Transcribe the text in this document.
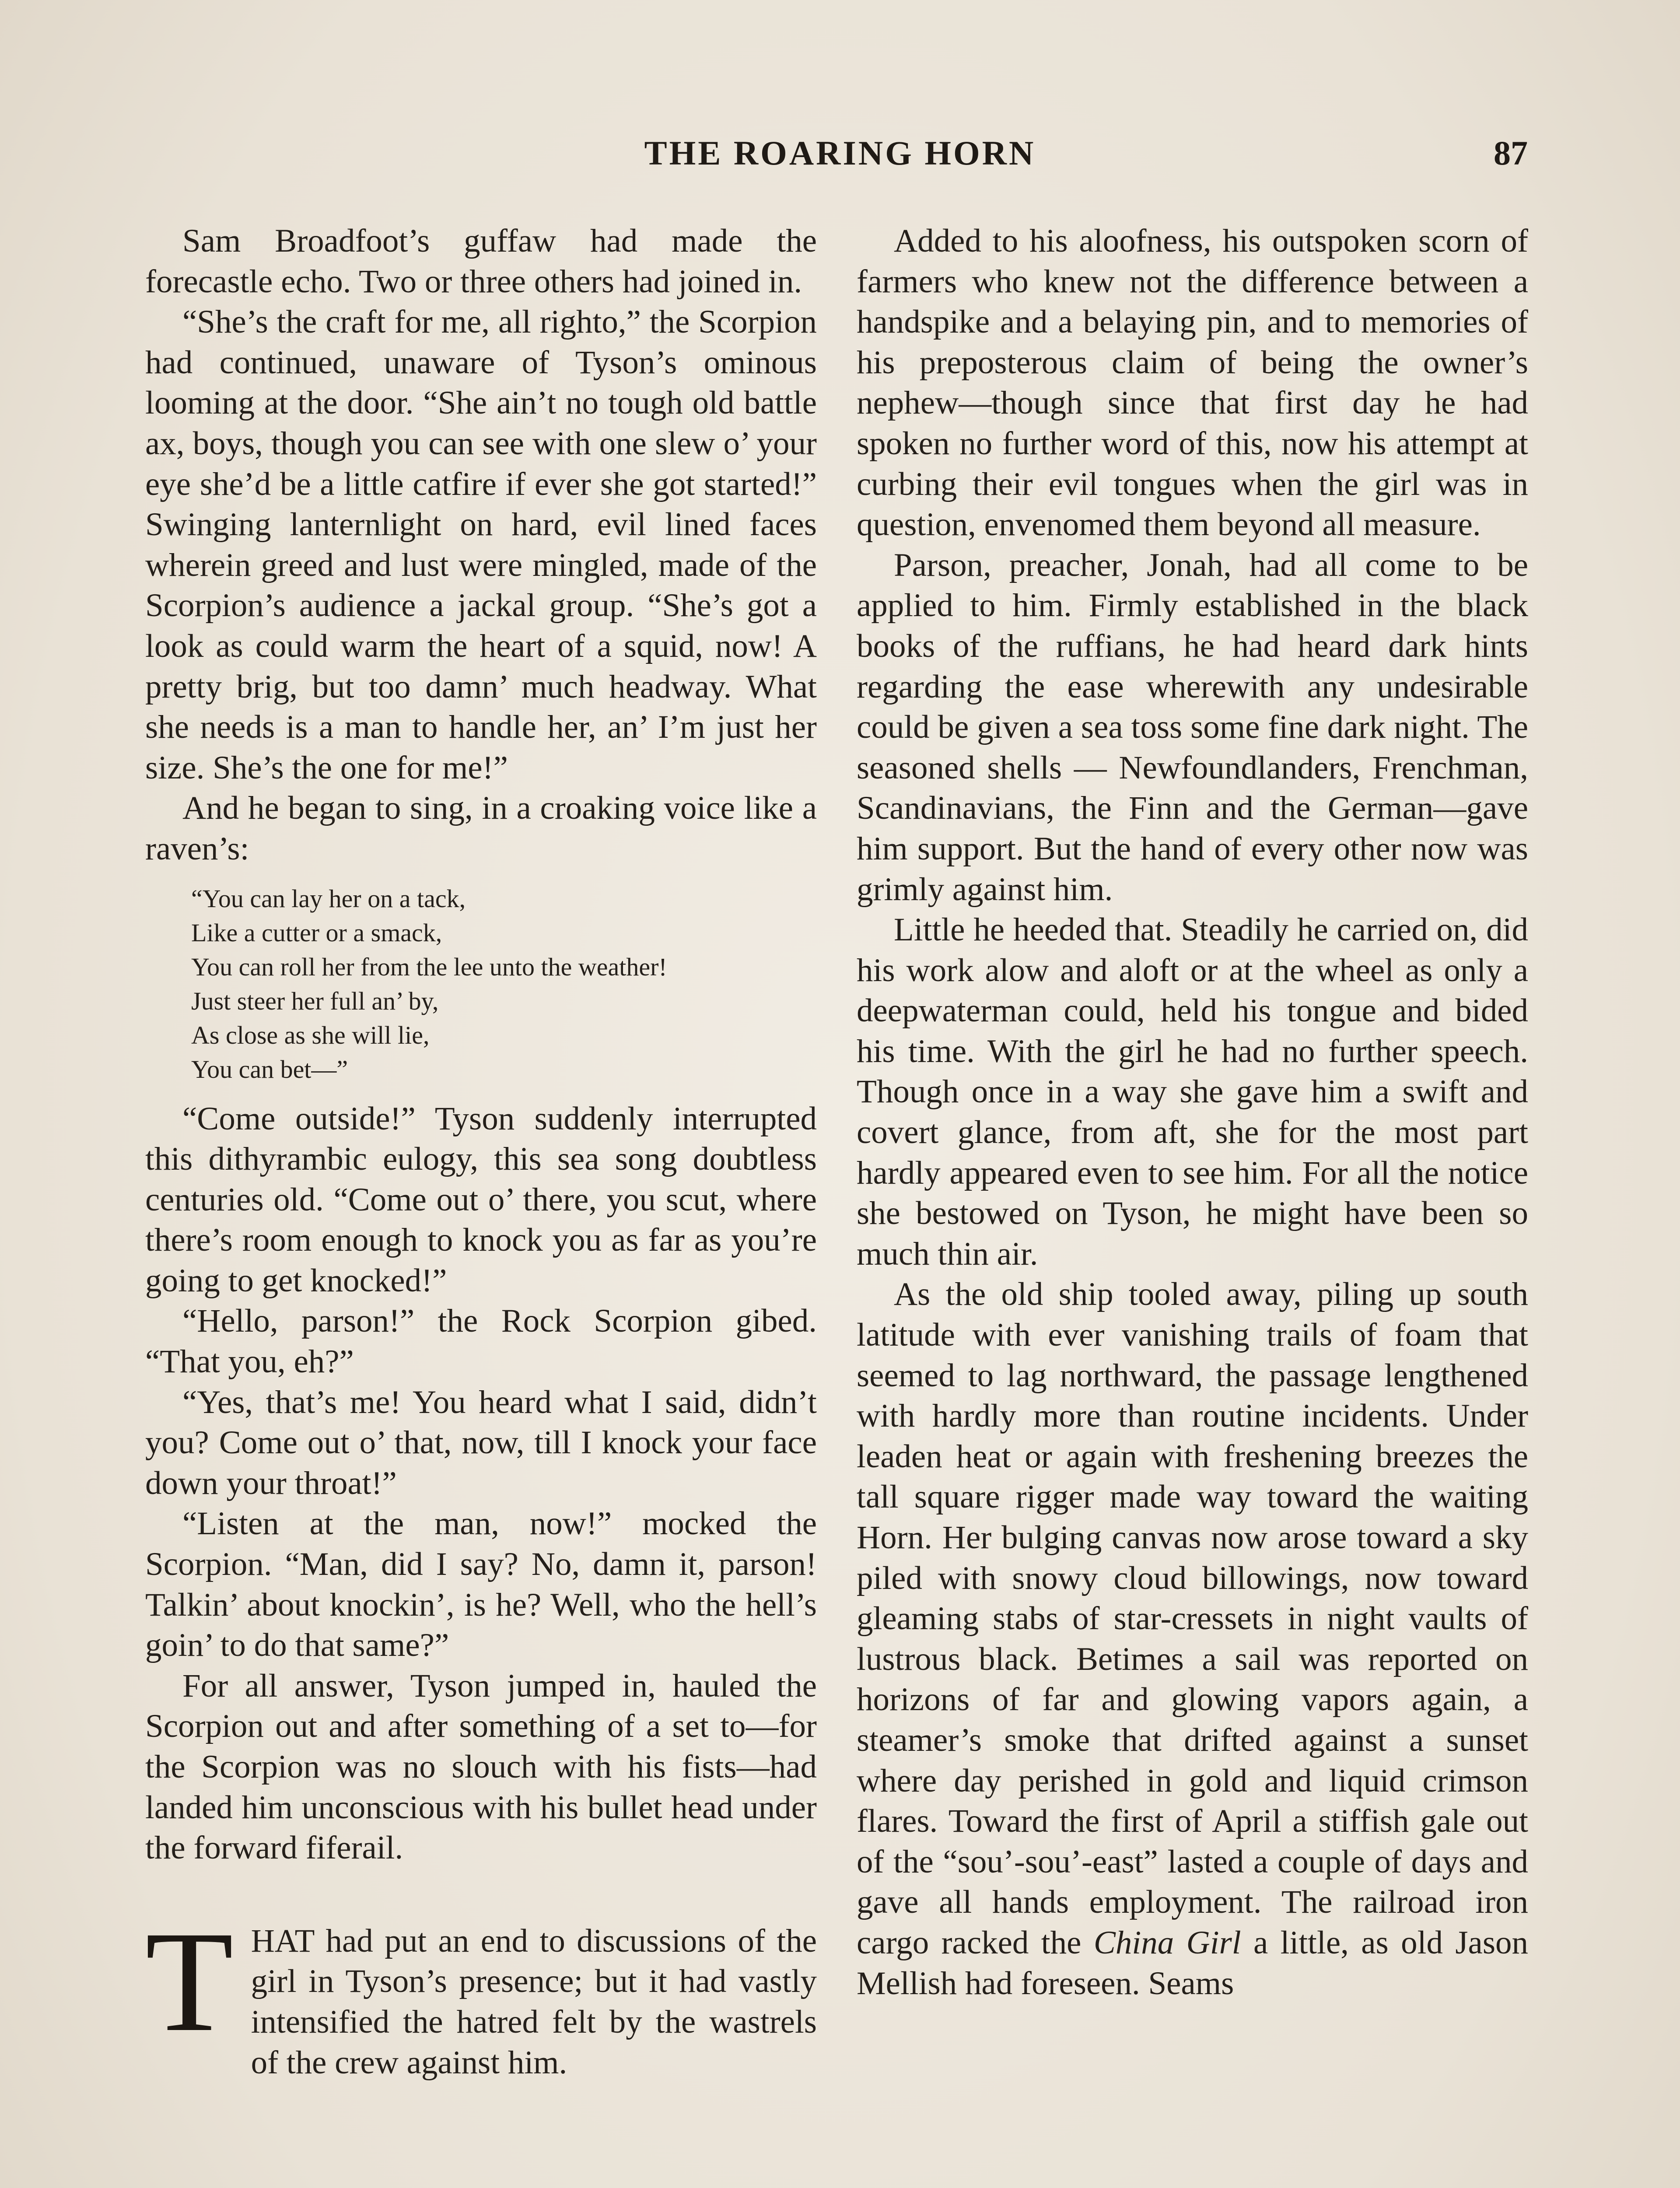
THE ROARING HORN	87

Sam Broadfoot’s guffaw had made the forecastle echo. Two or three others had joined in.

“She’s the craft for me, all righto,” the Scorpion had continued, unaware of Tyson’s ominous looming at the door. “She ain’t no tough old battle ax, boys, though you can see with one slew o’ your eye she’d be a little catfire if ever she got started!” Swinging lanternlight on hard, evil lined faces wherein greed and lust were mingled, made of the Scorpion’s audience a jackal group. “She’s got a look as could warm the heart of a squid, now! A pretty brig, but too damn’ much headway. What she needs is a man to handle her, an’ I’m just her size. She’s the one for me!”

And he began to sing, in a croaking voice like a raven’s:

“You can lay her on a tack,
Like a cutter or a smack,
You can roll her from the lee unto the weather!
Just steer her full an’ by,
As close as she will lie,
You can bet—”

“Come outside!” Tyson suddenly interrupted this dithyrambic eulogy, this sea song doubtless centuries old. “Come out o’ there, you scut, where there’s room enough to knock you as far as you’re going to get knocked!”

“Hello, parson!” the Rock Scorpion gibed. “That you, eh?”

“Yes, that’s me! You heard what I said, didn’t you? Come out o’ that, now, till I knock your face down your throat!”

“Listen at the man, now!” mocked the Scorpion. “Man, did I say? No, damn it, parson! Talkin’ about knockin’, is he? Well, who the hell’s goin’ to do that same?”

For all answer, Tyson jumped in, hauled the Scorpion out and after something of a set to—for the Scorpion was no slouch with his fists—had landed him unconscious with his bullet head under the forward fiferail.

THAT had put an end to discussions of the girl in Tyson’s presence; but it had vastly intensified the hatred felt by the wastrels of the crew against him.

Added to his aloofness, his outspoken scorn of farmers who knew not the difference between a handspike and a belaying pin, and to memories of his preposterous claim of being the owner’s nephew—though since that first day he had spoken no further word of this, now his attempt at curbing their evil tongues when the girl was in question, envenomed them beyond all measure.

Parson, preacher, Jonah, had all come to be applied to him. Firmly established in the black books of the ruffians, he had heard dark hints regarding the ease wherewith any undesirable could be given a sea toss some fine dark night. The seasoned shells — Newfoundlanders, Frenchman, Scandinavians, the Finn and the German—gave him support. But the hand of every other now was grimly against him.

Little he heeded that. Steadily he carried on, did his work alow and aloft or at the wheel as only a deepwaterman could, held his tongue and bided his time. With the girl he had no further speech. Though once in a way she gave him a swift and covert glance, from aft, she for the most part hardly appeared even to see him. For all the notice she bestowed on Tyson, he might have been so much thin air.

As the old ship tooled away, piling up south latitude with ever vanishing trails of foam that seemed to lag northward, the passage lengthened with hardly more than routine incidents. Under leaden heat or again with freshening breezes the tall square rigger made way toward the waiting Horn. Her bulging canvas now arose toward a sky piled with snowy cloud billowings, now toward gleaming stabs of star-cressets in night vaults of lustrous black. Betimes a sail was reported on horizons of far and glowing vapors again, a steamer’s smoke that drifted against a sunset where day perished in gold and liquid crimson flares. Toward the first of April a stiffish gale out of the “sou’-sou’-east” lasted a couple of days and gave all hands employment. The railroad iron cargo racked the China Girl a little, as old Jason Mellish had foreseen. Seams
